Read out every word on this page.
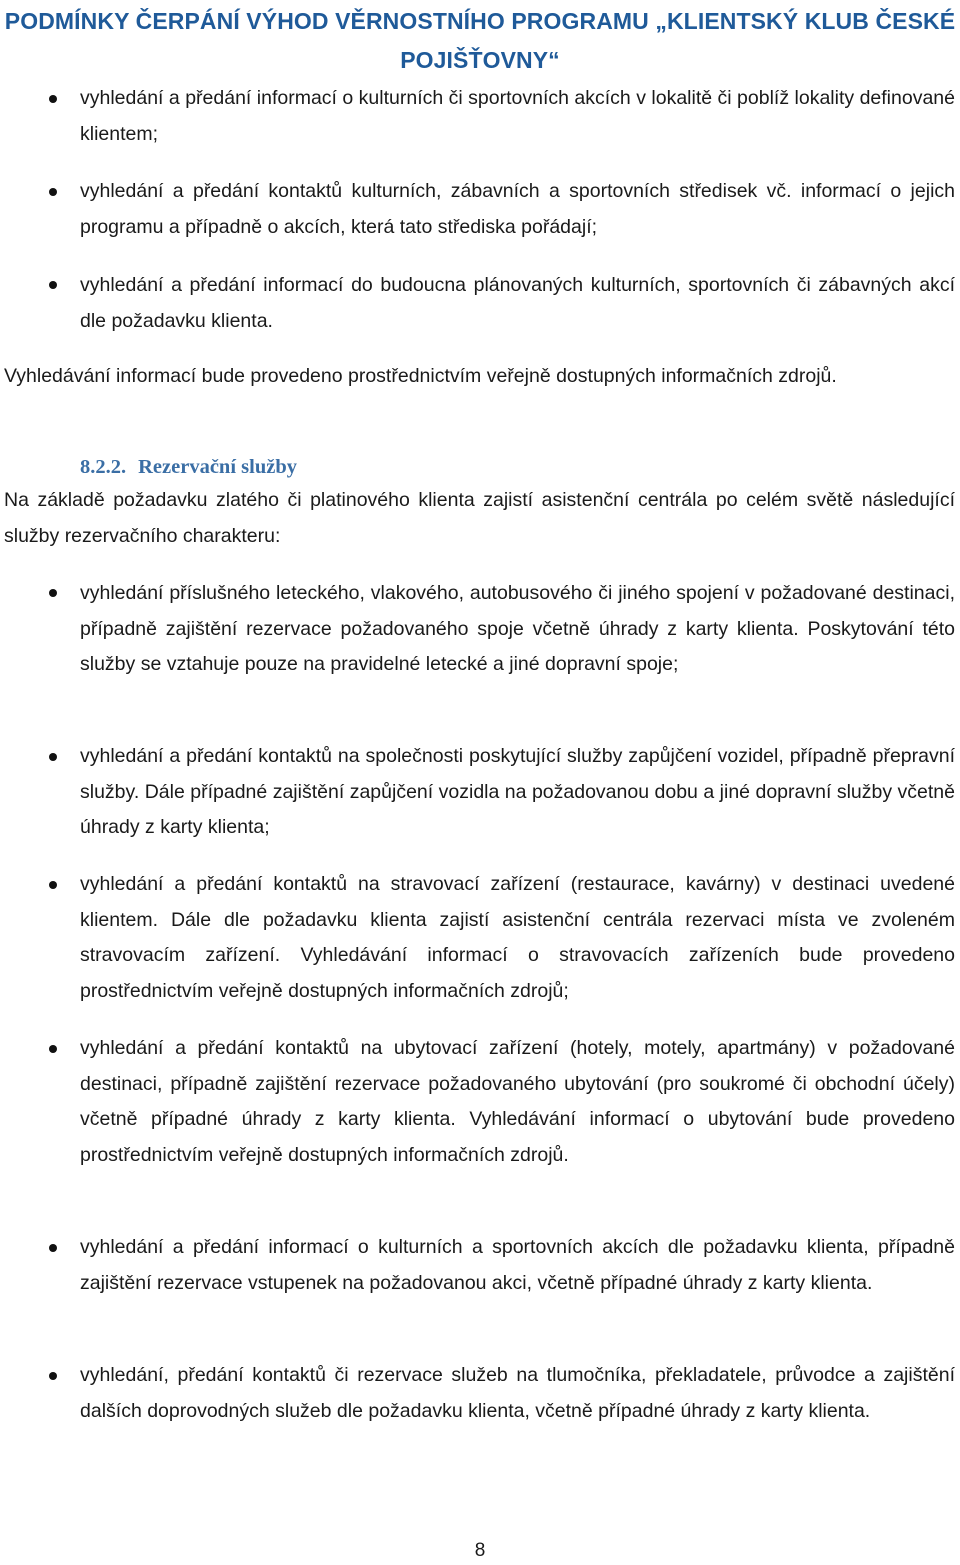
PODMÍNKY ČERPÁNÍ VÝHOD VĚRNOSTNÍHO PROGRAMU „KLIENTSKÝ KLUB ČESKÉ POJIŠŤOVNY“
vyhledání a předání informací o kulturních či sportovních akcích v lokalitě či poblíž lokality definované klientem;
vyhledání a předání kontaktů kulturních, zábavních a sportovních středisek vč. informací o jejich programu a případně o akcích, která tato střediska pořádají;
vyhledání a předání informací do budoucna plánovaných kulturních, sportovních či zábavných akcí dle požadavku klienta.
Vyhledávání informací bude provedeno prostřednictvím veřejně dostupných informačních zdrojů.
8.2.2. Rezervační služby
Na základě požadavku zlatého či platinového klienta zajistí asistenční centrála po celém světě následující služby rezervačního charakteru:
vyhledání příslušného leteckého, vlakového, autobusového či jiného spojení v požadované destinaci, případně zajištění rezervace požadovaného spoje včetně úhrady z karty klienta. Poskytování této služby se vztahuje pouze na pravidelné letecké a jiné dopravní spoje;
vyhledání a předání kontaktů na společnosti poskytující služby zapůjčení vozidel, případně přepravní služby. Dále případné zajištění zapůjčení vozidla na požadovanou dobu a jiné dopravní služby včetně úhrady z karty klienta;
vyhledání a předání kontaktů na stravovací zařízení (restaurace, kavárny) v destinaci uvedené klientem. Dále dle požadavku klienta zajistí asistenční centrála rezervaci místa ve zvoleném stravovacím zařízení. Vyhledávání informací o stravovacích zařízeních bude provedeno prostřednictvím veřejně dostupných informačních zdrojů;
vyhledání a předání kontaktů na ubytovací zařízení (hotely, motely, apartmány) v požadované destinaci, případně zajištění rezervace požadovaného ubytování (pro soukromé či obchodní účely) včetně případné úhrady z karty klienta. Vyhledávání informací o ubytování bude provedeno prostřednictvím veřejně dostupných informačních zdrojů.
vyhledání a předání informací o kulturních a sportovních akcích dle požadavku klienta, případně zajištění rezervace vstupenek na požadovanou akci, včetně případné úhrady z karty klienta.
vyhledání, předání kontaktů či rezervace služeb na tlumočníka, překladatele, průvodce a zajištění dalších doprovodných služeb dle požadavku klienta, včetně případné úhrady z karty klienta.
8
